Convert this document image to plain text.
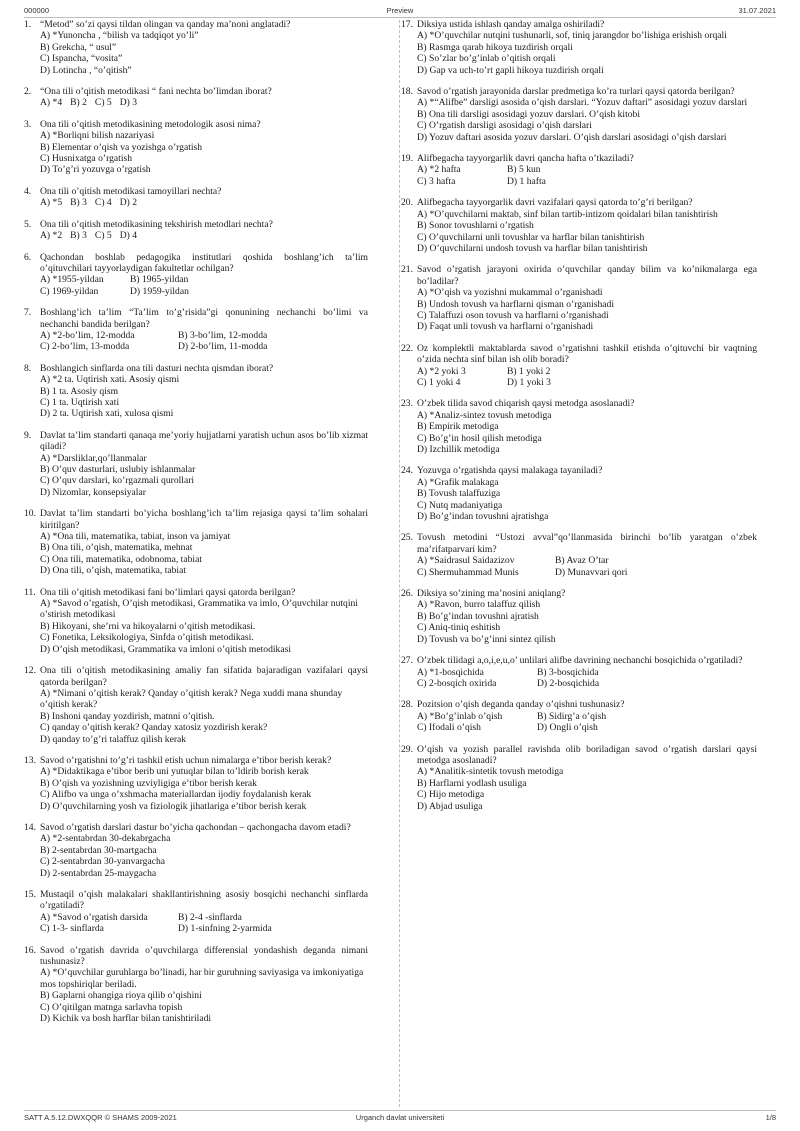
000000	Preview	31.07.2021
1. “Metod” so’zi qaysi tildan olingan va qanday ma’noni anglatadi?
A) *Yunoncha , “bilish va tadqiqot yo’li”
B) Grekcha, “ usul”
C) Ispancha, “vosita”
D) Lotincha , “o’qitish”
2. “Ona tili o’qitish metodikasi “ fani nechta bo’limdan iborat?
A) *4 B) 2 C) 5 D) 3
3. Ona tili o’qitish metodikasining metodologik asosi nima?
A) *Borliqni bilish nazariyasi
B) Elementar o’qish va yozishga o’rgatish
C) Husnixatga o’rgatish
D) To’g’ri yozuvga o’rgatish
4. Ona tili o’qitish metodikasi tamoyillari nechta?
A) *5 B) 3 C) 4 D) 2
5. Ona tili o’qitish metodikasining tekshirish metodlari nechta?
A) *2 B) 3 C) 5 D) 4
6. Qachondan boshlab pedagogika institutlari qoshida boshlang’ich ta’lim o’qituvchilari tayyorlaydigan fakultetlar ochilgan?
A) *1955-yildan	B) 1965-yildan
C) 1969-yildan	D) 1959-yildan
7. Boshlang’ich ta’lim “Ta’lim to’g’risida”gi qonunining nechanchi bo’limi va nechanchi bandida berilgan?
A) *2-bo’lim, 12-modda	B) 3-bo’lim, 12-modda
C) 2-bo’lim, 13-modda	D) 2-bo’lim, 11-modda
8. Boshlangich sinflarda ona tili dasturi nechta qismdan iborat?
A) *2 ta. Uqtirish xati. Asosiy qismi
B) 1 ta. Asosiy qism
C) 1 ta. Uqtirish xati
D) 2 ta. Uqtirish xati, xulosa qismi
9. Davlat ta’lim standarti qanaqa me’yoriy hujjatlarni yaratish uchun asos bo’lib xizmat qiladi?
A) *Darsliklar,qo’llanmalar
B) O’quv dasturlari, uslubiy ishlanmalar
C) O’quv darslari, ko’rgazmali qurollari
D) Nizomlar, konsepsiyalar
10. Davlat ta’lim standarti bo’yicha boshlang’ich ta’lim rejasiga qaysi ta’lim sohalari kiritilgan?
A) *Ona tili, matematika, tabiat, inson va jamiyat
B) Ona tili, o’qish, matematika, mehnat
C) Ona tili, matematika, odobnoma, tabiat
D) Ona tili, o’qish, matematika, tabiat
11. Ona tili o’qitish metodikasi fani bo’limlari qaysi qatorda berilgan?
A) *Savod o’rgatish, O’qish metodikasi, Grammatika va imlo, O’quvchilar nutqini o’stirish metodikasi
B) Hikoyani, she’rni va hikoyalarni o’qitish metodikasi.
C) Fonetika, Leksikologiya, Sinfda o’qitish metodikasi.
D) O’qish metodikasi, Grammatika va imloni o’qitish metodikasi
12. Ona tili o’qitish metodikasining amaliy fan sifatida bajaradigan vazifalari qaysi qatorda berilgan?
A) *Nimani o’qitish kerak? Qanday o’qitish kerak? Nega xuddi mana shunday o’qitish kerak?
B) Inshoni qanday yozdirish, matnni o’qitish.
C) qanday o’qitish kerak? Qanday xatosiz yozdirish kerak?
D) qanday to’g’ri talaffuz qilish kerak
13. Savod o’rgatishni to’g’ri tashkil etish uchun nimalarga e’tibor berish kerak?
A) *Didaktikaga e’tibor berib uni yutuqlar bilan to’ldirib borish kerak
B) O’qish va yozishning uzviyligiga e’tibor berish kerak
C) Alifbo va unga o’xshmacha materiallardan ijodiy foydalanish kerak
D) O’quvchilarning yosh va fiziologik jihatlariga e’tibor berish kerak
14. Savod o’rgatish darslari dastur bo’yicha qachondan – qachongacha davom etadi?
A) *2-sentabrdan 30-dekabrgacha
B) 2-sentabrdan 30-martgacha
C) 2-sentabrdan 30-yanvargacha
D) 2-sentabrdan 25-maygacha
15. Mustaqil o’qish malakalari shakllantirishning asosiy bosqichi nechanchi sinflarda o’rgatiladi?
A) *Savod o’rgatish darsida	B) 2-4 -sinflarda
C) 1-3- sinflarda	D) 1-sinfning 2-yarmida
16. Savod o’rgatish davrida o’quvchilarga differensial yondashish deganda nimani tushunasiz?
A) *O’quvchilar guruhlarga bo’linadi, har bir guruhning saviyasiga va imkoniyatiga mos topshiriqlar beriladi.
B) Gaplarni ohangiga rioya qilib o’qishini
C) O’qitilgan matnga sarlavha topish
D) Kichik va bosh harflar bilan tanishtiriladi
17. Diksiya ustida ishlash qanday amalga oshiriladi?
A) *O’quvchilar nutqini tushunarli, sof, tiniq jarangdor bo’lishiga erishish orqali
B) Rasmga qarab hikoya tuzdirish orqali
C) So’zlar bo’g’inlab o’qitish orqali
D) Gap va uch-to’rt gapli hikoya tuzdirish orqali
18. Savod o’rgatish jarayonida darslar predmetiga ko’ra turlari qaysi qatorda berilgan?
A) *“Alifbe” darsligi asosida o’qish darslari. “Yozuv daftari” asosidagi yozuv darslari
B) Ona tili darsligi asosidagi yozuv darslari. O’qish kitobi
C) O’rgatish darsligi asosidagi o’qish darslari
D) Yozuv daftari asosida yozuv darslari. O’qish darslari asosidagi o’qish darslari
19. Alifbegacha tayyorgarlik davri qancha hafta o’tkaziladi?
A) *2 hafta	B) 5 kun
C) 3 hafta	D) 1 hafta
20. Alifbegacha tayyorgarlik davri vazifalari qaysi qatorda to’g’ri berilgan?
A) *O’quvchilarni maktab, sinf bilan tartib-intizom qoidalari bilan tanishtirish
B) Sonor tovushlarni o’rgatish
C) O’quvchilarni unli tovushlar va harflar bilan tanishtirish
D) O’quvchilarni undosh tovush va harflar bilan tanishtirish
21. Savod o’rgatish jarayoni oxirida o’quvchilar qanday bilim va ko’nikmalarga ega bo’ladilar?
A) *O’qish va yozishni mukammal o’rganishadi
B) Undosh tovush va harflarni qisman o’rganishadi
C) Talaffuzi oson tovush va harflarni o’rganishadi
D) Faqat unli tovush va harflarni o’rganishadi
22. Oz komplektli maktablarda savod o’rgatishni tashkil etishda o’qituvchi bir vaqtning o’zida nechta sinf bilan ish olib boradi?
A) *2 yoki 3	B) 1 yoki 2
C) 1 yoki 4	D) 1 yoki 3
23. O’zbek tilida savod chiqarish qaysi metodga asoslanadi?
A) *Analiz-sintez tovush metodiga
B) Empirik metodiga
C) Bo’g’in hosil qilish metodiga
D) Izchillik metodiga
24. Yozuvga o’rgatishda qaysi malakaga tayaniladi?
A) *Grafik malakaga
B) Tovush talaffuziga
C) Nutq madaniyatiga
D) Bo’g’indan tovushni ajratishga
25. Tovush metodini “Ustozi avval”qo’llanmasida birinchi bo’lib yaratgan o’zbek ma’rifatparvari kim?
A) *Saidrasul Saidazizov	B) Avaz O’tar
C) Shermuhammad Munis	D) Munavvari qori
26. Diksiya so’zining ma’nosini aniqlang?
A) *Ravon, burro talaffuz qilish
B) Bo’g’indan tovushni ajratish
C) Aniq-tiniq eshitish
D) Tovush va bo’g’inni sintez qilish
27. O’zbek tilidagi a,o,i,e,u,o’ unlilari alifbe davrining nechanchi bosqichida o’rgatiladi?
A) *1-bosqichida	B) 3-bosqichida
C) 2-bosqich oxirida	D) 2-bosqichida
28. Pozitsion o’qish deganda qanday o’qishni tushunasiz?
A) *Bo’g’inlab o’qish	B) Sidirg’a o’qish
C) Ifodali o’qish	D) Ongli o’qish
29. O’qish va yozish parallel ravishda olib boriladigan savod o’rgatish darslari qaysi metodga asoslanadi?
A) *Analitik-sintetik tovush metodiga
B) Harflarni yodlash usuliga
C) Hijo metodiga
D) Abjad usuliga
SATT A.5.12.DWXQQR © SHAMS 2009-2021	Urganch davlat universiteti	1/8
